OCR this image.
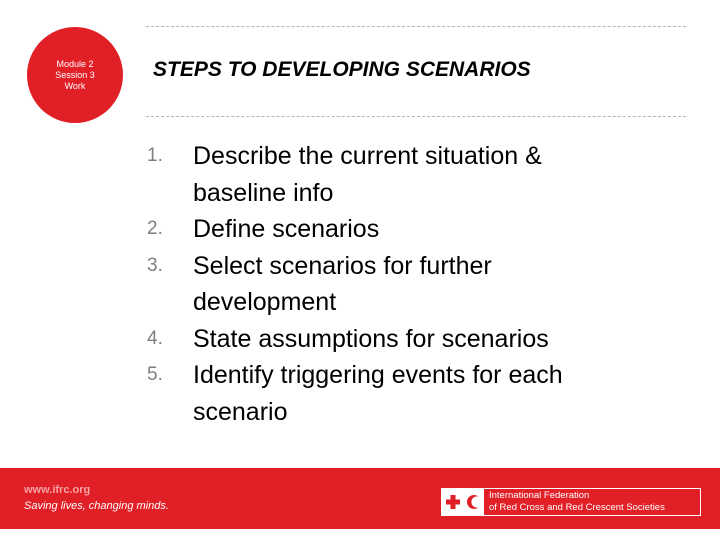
Module 2
Session 3
Work
STEPS TO DEVELOPING SCENARIOS
1.	Describe the current situation &
baseline info
2.	Define scenarios
3.	Select scenarios for further
development
4.	State assumptions for scenarios
5.	Identify triggering events for each
scenario
www.ifrc.org
Saving lives, changing minds.
International Federation
of Red Cross and Red Crescent Societies
